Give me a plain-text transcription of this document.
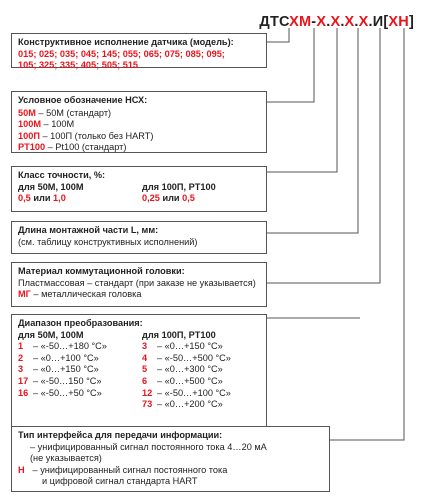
ДТСХМ-Х.Х.Х.Х.И[ХН]
Конструктивное исполнение датчика (модель):
015; 025; 035; 045; 145; 055; 065; 075; 085; 095;
105; 325; 335; 405; 505; 515
Условное обозначение НСХ:
50М – 50М (стандарт)
100М – 100М
100П – 100П (только без HART)
PT100 – Pt100 (стандарт)
Класс точности, %:
для 50М, 100М
0,5 или 1,0
для 100П, PT100
0,25 или 0,5
Длина монтажной части L, мм:
(см. таблицу конструктивных исполнений)
Материал коммутационной головки:
Пластмассовая – стандарт (при заказе не указывается)
МГ – металлическая головка
Диапазон преобразования:
для 50М, 100М
1 – «-50…+180 °С»
2 – «0…+100 °С»
3 – «0…+150 °С»
17 – «-50…150 °С»
16 – «-50…+50 °С»
для 100П, PT100
3 – «0…+150 °С»
4 – «-50…+500 °С»
5 – «0…+300 °С»
6 – «0…+500 °С»
12 – «-50…+100 °С»
73 – «0…+200 °С»
Тип интерфейса для передачи информации:
– унифицированный сигнал постоянного тока 4…20 мА
(не указывается)
Н – унифицированный сигнал постоянного тока
и цифровой сигнал стандарта HART
